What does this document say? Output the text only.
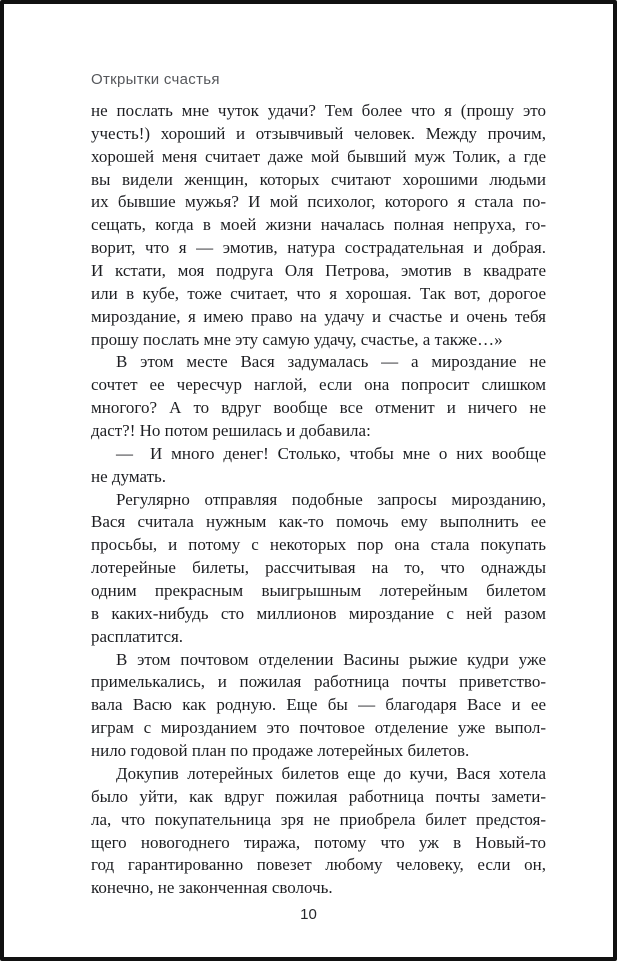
Открытки счастья
не послать мне чуток удачи? Тем более что я (прошу это
учесть!) хороший и отзывчивый человек. Между прочим,
хорошей меня считает даже мой бывший муж Толик, а где
вы видели женщин, которых считают хорошими людьми
их бывшие мужья? И мой психолог, которого я стала по-
сещать, когда в моей жизни началась полная непруха, го-
ворит, что я — эмотив, натура сострадательная и добрая.
И кстати, моя подруга Оля Петрова, эмотив в квадрате
или в кубе, тоже считает, что я хорошая. Так вот, дорогое
мироздание, я имею право на удачу и счастье и очень тебя
прошу послать мне эту самую удачу, счастье, а также…»
В этом месте Вася задумалась — а мироздание не
сочтет ее чересчур наглой, если она попросит слишком
многого? А то вдруг вообще все отменит и ничего не
даст?! Но потом решилась и добавила:
— И много денег! Столько, чтобы мне о них вообще
не думать.
Регулярно отправляя подобные запросы мирозданию,
Вася считала нужным как-то помочь ему выполнить ее
просьбы, и потому с некоторых пор она стала покупать
лотерейные билеты, рассчитывая на то, что однажды
одним прекрасным выигрышным лотерейным билетом
в каких-нибудь сто миллионов мироздание с ней разом
расплатится.
В этом почтовом отделении Васины рыжие кудри уже
примелькались, и пожилая работница почты приветство-
вала Васю как родную. Еще бы — благодаря Васе и ее
играм с мирозданием это почтовое отделение уже выпол-
нило годовой план по продаже лотерейных билетов.
Докупив лотерейных билетов еще до кучи, Вася хотела
было уйти, как вдруг пожилая работница почты замети-
ла, что покупательница зря не приобрела билет предстоя-
щего новогоднего тиража, потому что уж в Новый-то
год гарантированно повезет любому человеку, если он,
конечно, не законченная сволочь.
10
